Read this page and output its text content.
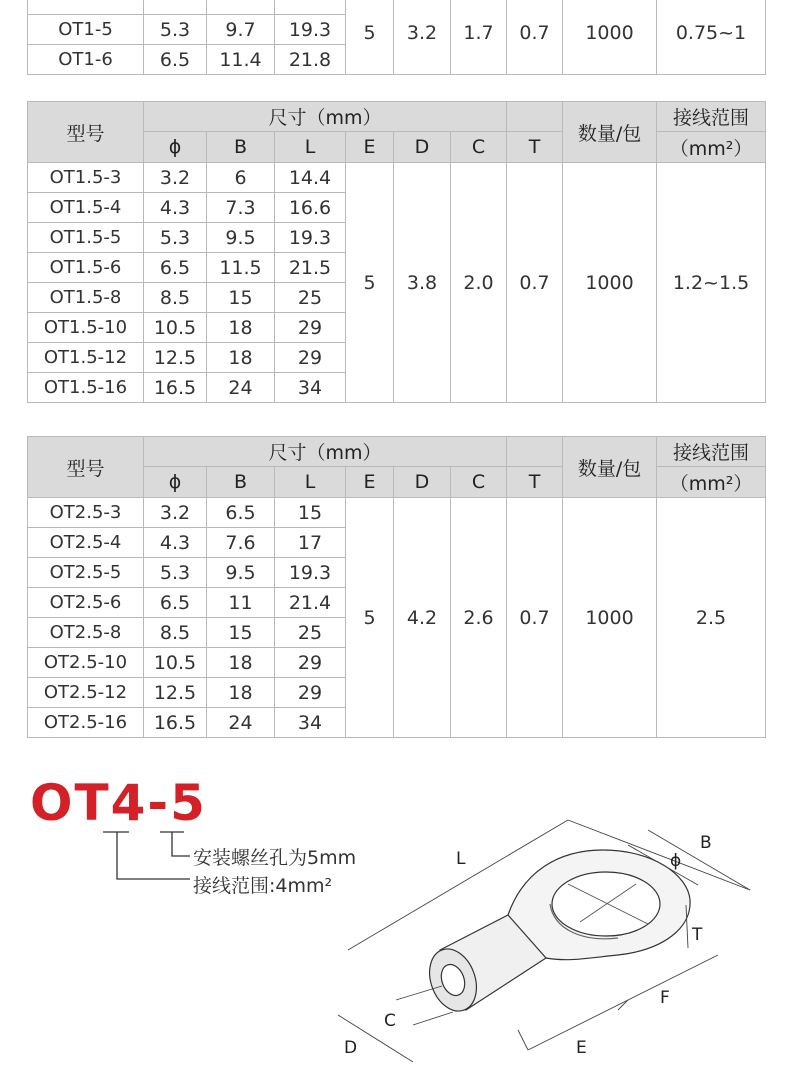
				5	3.2	1.7	0.7	1000	0.75~1
OT1-5	5.3	9.7	19.3						
OT1-6	6.5	11.4	21.8						
型号	尺寸（mm）							数量/包	接线范围
	ϕ	B	L	E	D	C	T		（mm²）
OT1.5-3	3.2	6	14.4	5	3.8	2.0	0.7	1000	1.2~1.5
OT1.5-4	4.3	7.3	16.6						
OT1.5-5	5.3	9.5	19.3						
OT1.5-6	6.5	11.5	21.5						
OT1.5-8	8.5	15	25						
OT1.5-10	10.5	18	29						
OT1.5-12	12.5	18	29						
OT1.5-16	16.5	24	34						
型号	尺寸（mm）							数量/包	接线范围
	ϕ	B	L	E	D	C	T		（mm²）
OT2.5-3	3.2	6.5	15	5	4.2	2.6	0.7	1000	2.5
OT2.5-4	4.3	7.6	17						
OT2.5-5	5.3	9.5	19.3						
OT2.5-6	6.5	11	21.4						
OT2.5-8	8.5	15	25						
OT2.5-10	10.5	18	29						
OT2.5-12	12.5	18	29						
OT2.5-16	16.5	24	34						
OT4-5
安装螺丝孔为5mm
接线范围:4mm²
L
B
ϕ
T
F
C
D	E
